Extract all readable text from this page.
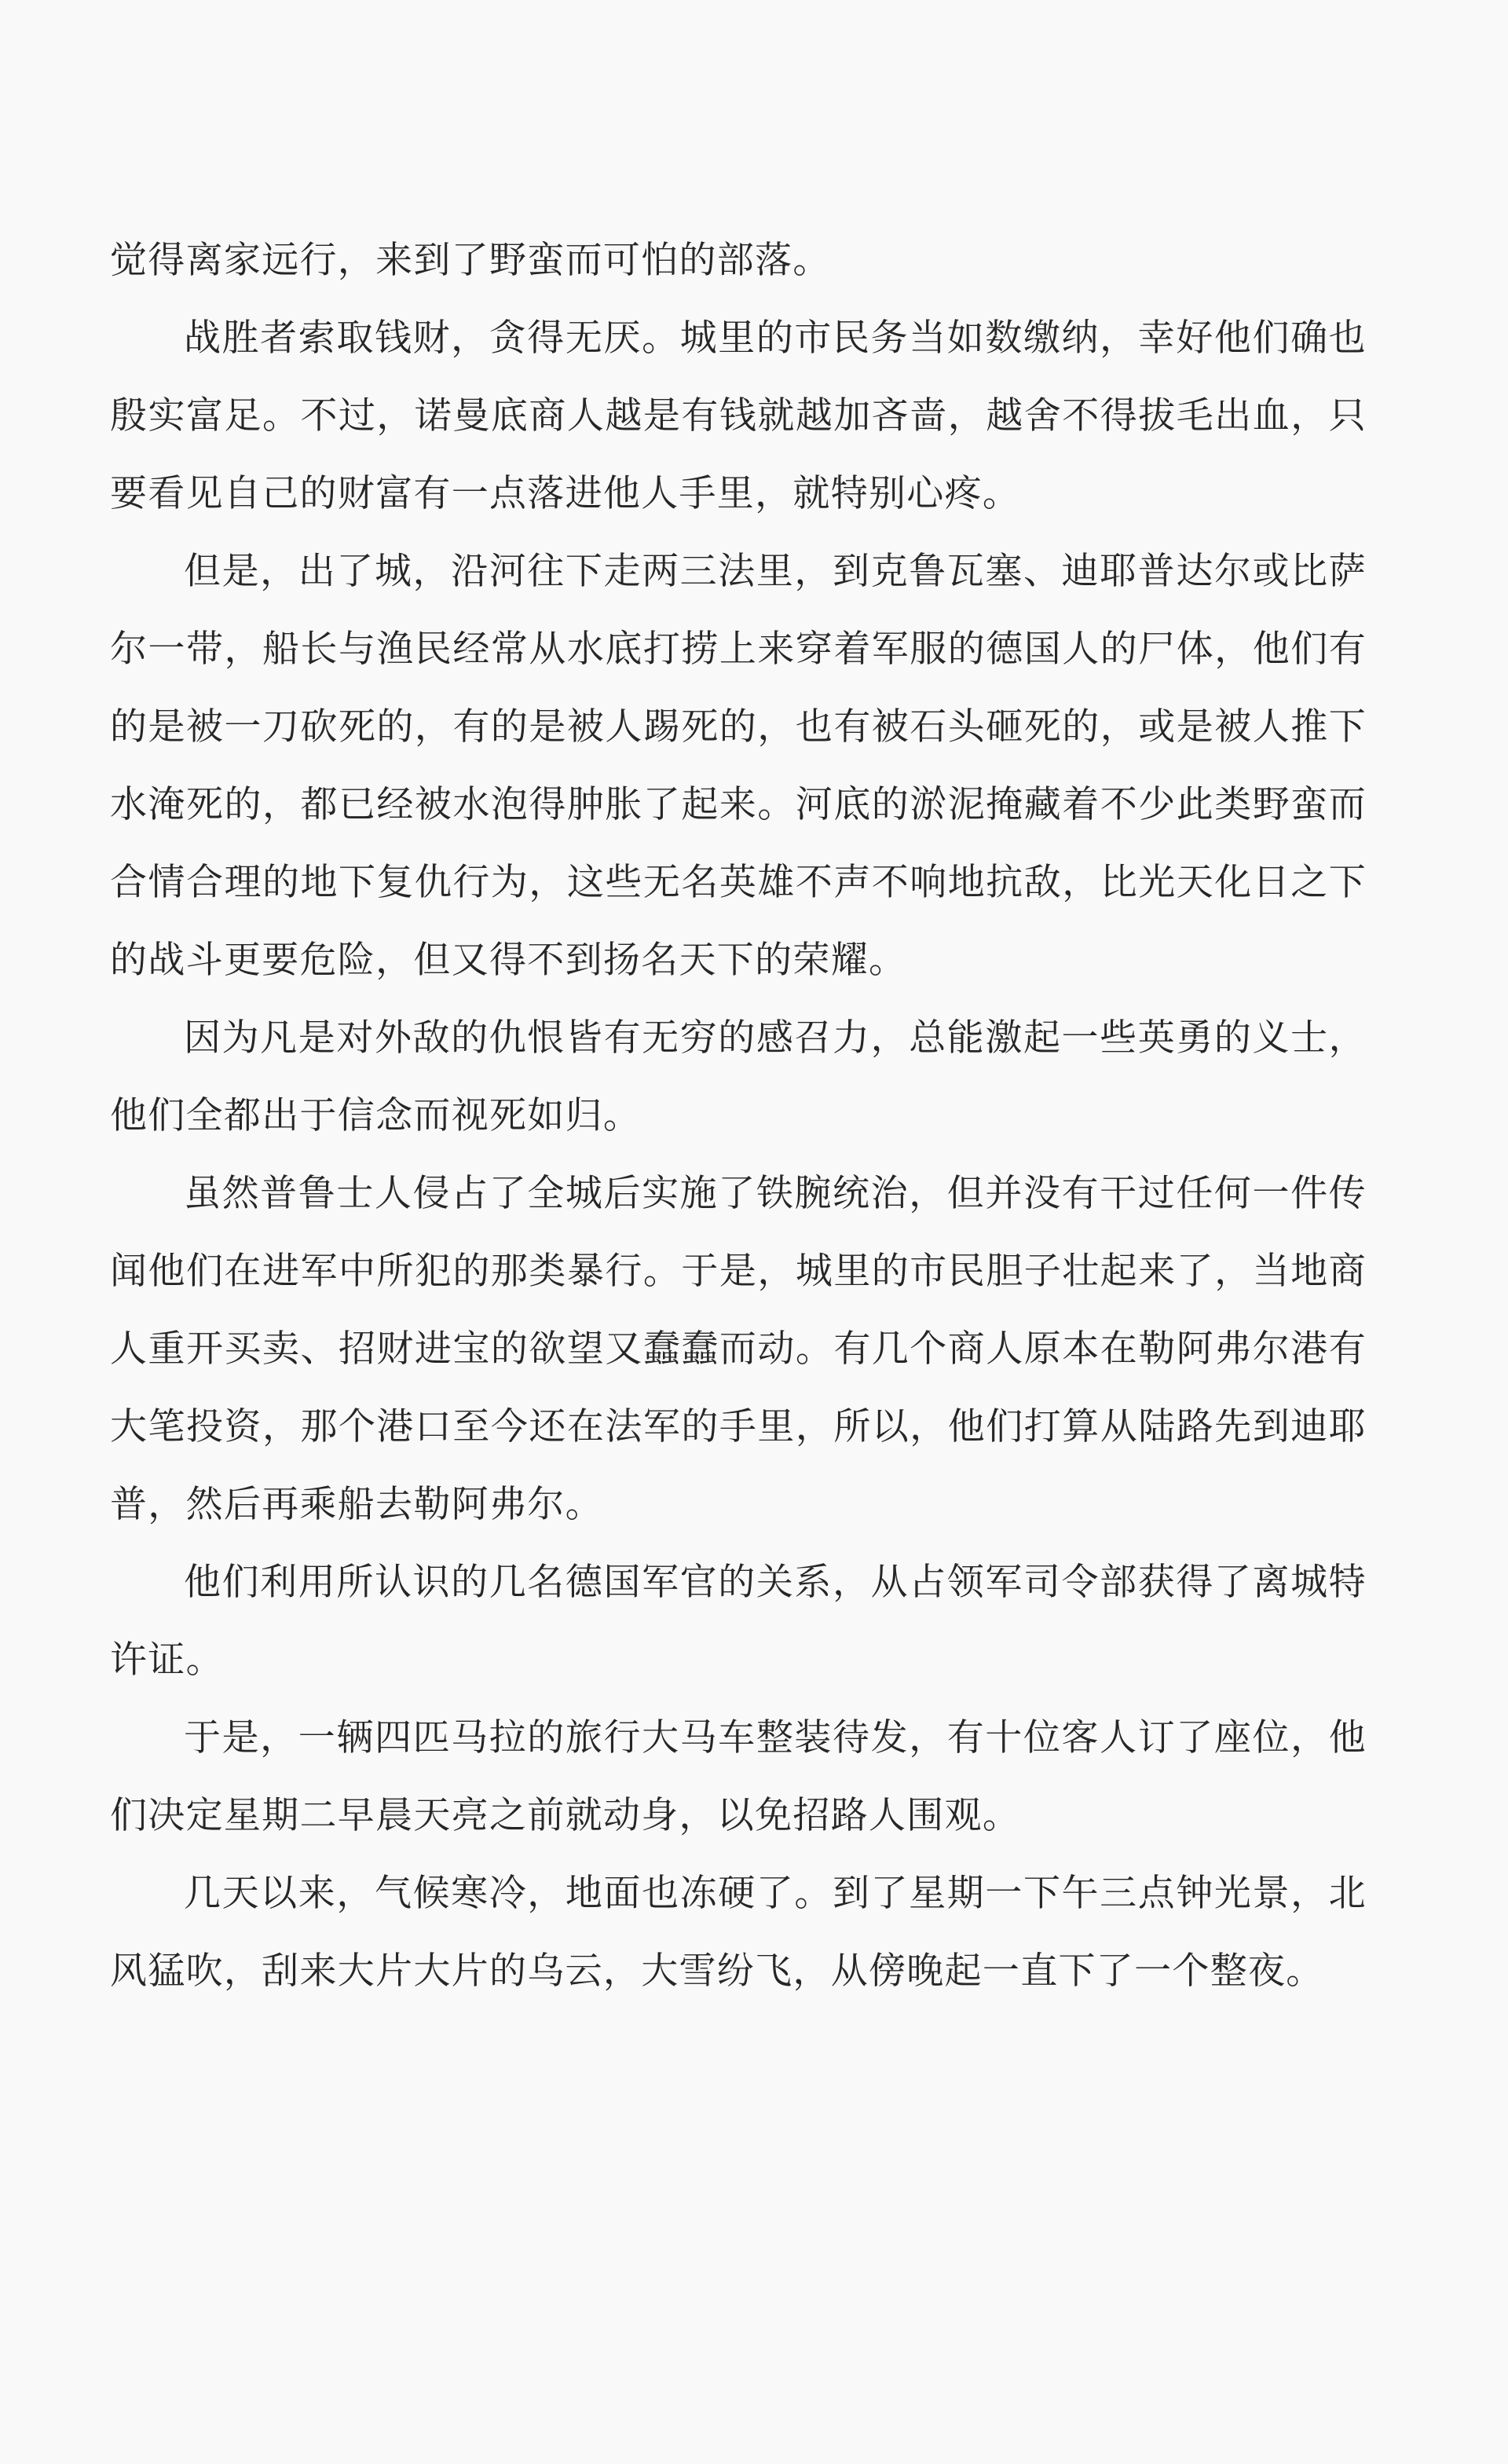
觉得离家远行，来到了野蛮而可怕的部落。

战胜者索取钱财，贪得无厌。城里的市民务当如数缴纳，幸好他们确也殷实富足。不过，诺曼底商人越是有钱就越加吝啬，越舍不得拔毛出血，只要看见自己的财富有一点落进他人手里，就特别心疼。

但是，出了城，沿河往下走两三法里，到克鲁瓦塞、迪耶普达尔或比萨尔一带，船长与渔民经常从水底打捞上来穿着军服的德国人的尸体，他们有的是被一刀砍死的，有的是被人踢死的，也有被石头砸死的，或是被人推下水淹死的，都已经被水泡得肿胀了起来。河底的淤泥掩藏着不少此类野蛮而合情合理的地下复仇行为，这些无名英雄不声不响地抗敌，比光天化日之下的战斗更要危险，但又得不到扬名天下的荣耀。

因为凡是对外敌的仇恨皆有无穷的感召力，总能激起一些英勇的义士，他们全都出于信念而视死如归。

虽然普鲁士人侵占了全城后实施了铁腕统治，但并没有干过任何一件传闻他们在进军中所犯的那类暴行。于是，城里的市民胆子壮起来了，当地商人重开买卖、招财进宝的欲望又蠢蠢而动。有几个商人原本在勒阿弗尔港有大笔投资，那个港口至今还在法军的手里，所以，他们打算从陆路先到迪耶普，然后再乘船去勒阿弗尔。

他们利用所认识的几名德国军官的关系，从占领军司令部获得了离城特许证。

于是，一辆四匹马拉的旅行大马车整装待发，有十位客人订了座位，他们决定星期二早晨天亮之前就动身，以免招路人围观。

几天以来，气候寒冷，地面也冻硬了。到了星期一下午三点钟光景，北风猛吹，刮来大片大片的乌云，大雪纷飞，从傍晚起一直下了一个整夜。
